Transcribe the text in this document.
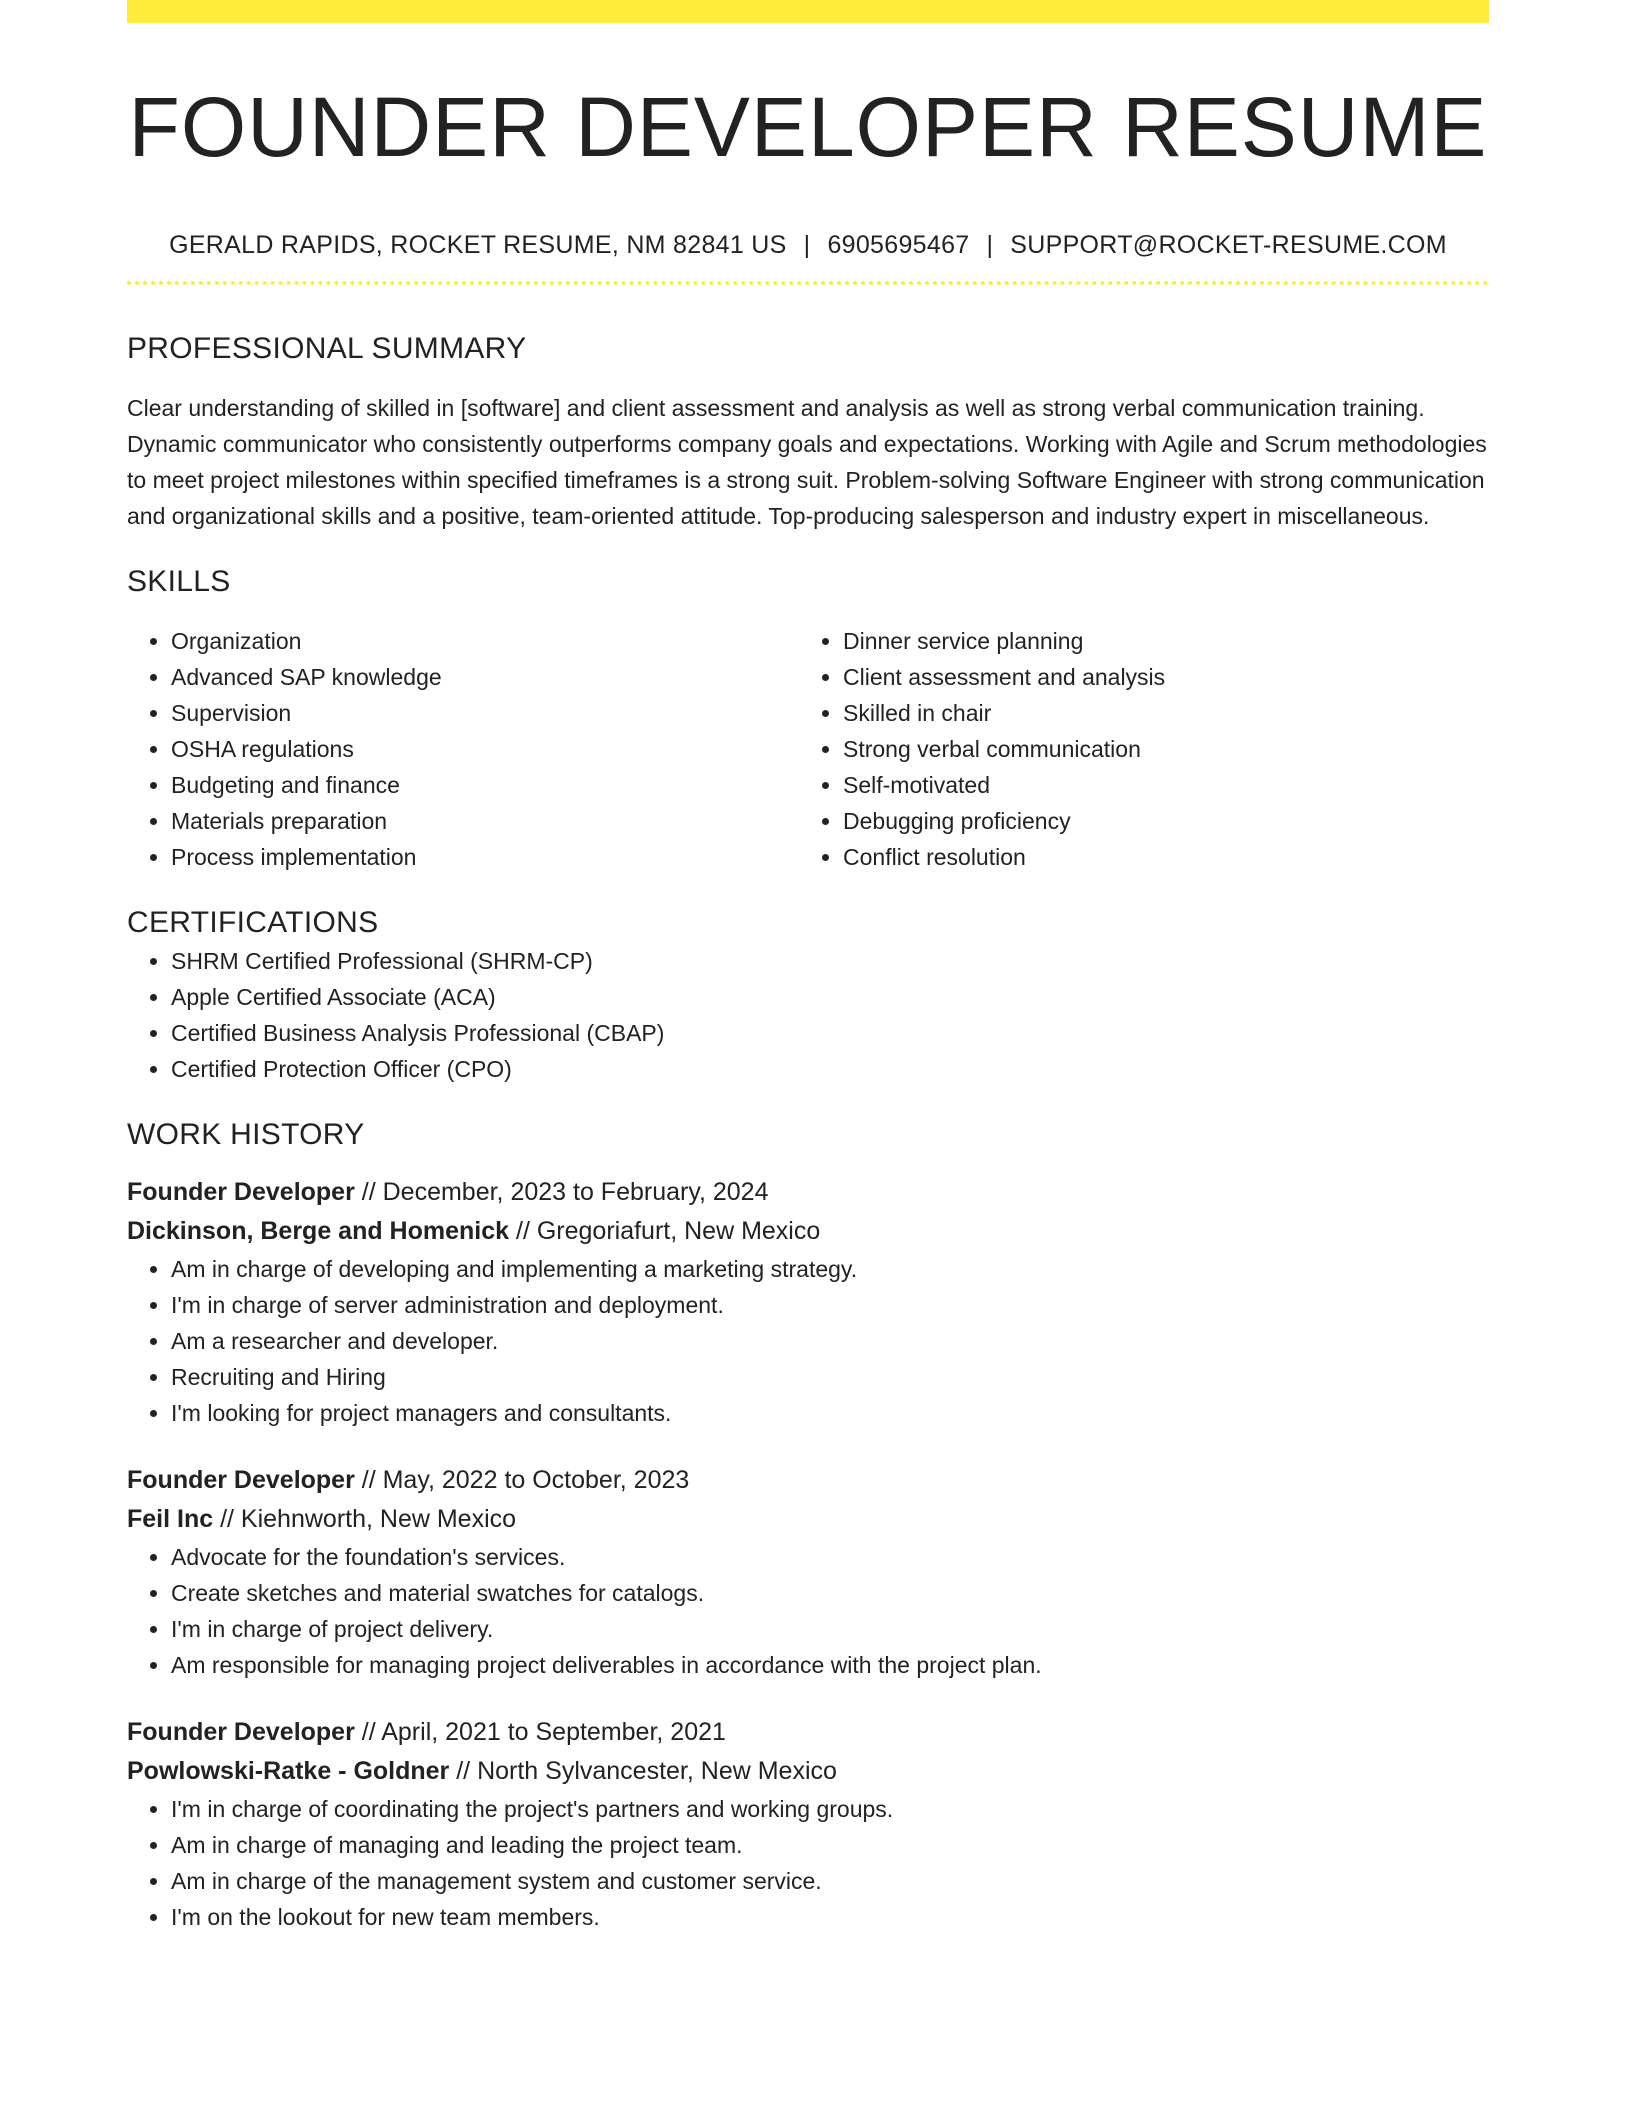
FOUNDER DEVELOPER RESUME
GERALD RAPIDS, ROCKET RESUME, NM 82841 US | 6905695467 | SUPPORT@ROCKET-RESUME.COM
PROFESSIONAL SUMMARY
Clear understanding of skilled in [software] and client assessment and analysis as well as strong verbal communication training. Dynamic communicator who consistently outperforms company goals and expectations. Working with Agile and Scrum methodologies to meet project milestones within specified timeframes is a strong suit. Problem-solving Software Engineer with strong communication and organizational skills and a positive, team-oriented attitude. Top-producing salesperson and industry expert in miscellaneous.
SKILLS
• Organization
• Advanced SAP knowledge
• Supervision
• OSHA regulations
• Budgeting and finance
• Materials preparation
• Process implementation
• Dinner service planning
• Client assessment and analysis
• Skilled in chair
• Strong verbal communication
• Self-motivated
• Debugging proficiency
• Conflict resolution
CERTIFICATIONS
• SHRM Certified Professional (SHRM-CP)
• Apple Certified Associate (ACA)
• Certified Business Analysis Professional (CBAP)
• Certified Protection Officer (CPO)
WORK HISTORY
Founder Developer // December, 2023 to February, 2024
Dickinson, Berge and Homenick // Gregoriafurt, New Mexico
• Am in charge of developing and implementing a marketing strategy.
• I'm in charge of server administration and deployment.
• Am a researcher and developer.
• Recruiting and Hiring
• I'm looking for project managers and consultants.
Founder Developer // May, 2022 to October, 2023
Feil Inc // Kiehnworth, New Mexico
• Advocate for the foundation's services.
• Create sketches and material swatches for catalogs.
• I'm in charge of project delivery.
• Am responsible for managing project deliverables in accordance with the project plan.
Founder Developer // April, 2021 to September, 2021
Powlowski-Ratke - Goldner // North Sylvancester, New Mexico
• I'm in charge of coordinating the project's partners and working groups.
• Am in charge of managing and leading the project team.
• Am in charge of the management system and customer service.
• I'm on the lookout for new team members.
